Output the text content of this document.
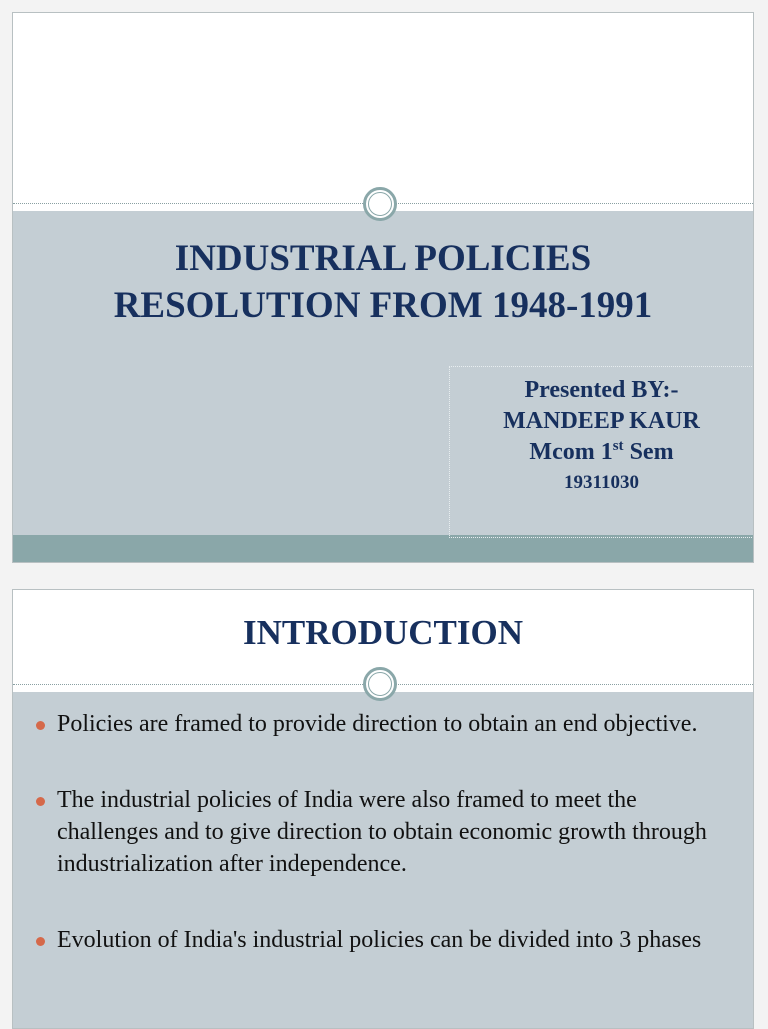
INDUSTRIAL POLICIES
RESOLUTION FROM 1948-1991
Presented BY:-
MANDEEP KAUR
Mcom 1st Sem
19311030
INTRODUCTION
Policies are framed to provide direction to obtain an end objective.
The industrial policies of India were also framed to meet the challenges and to give direction to obtain economic growth through industrialization after independence.
Evolution of India's industrial policies can be divided into 3 phases
